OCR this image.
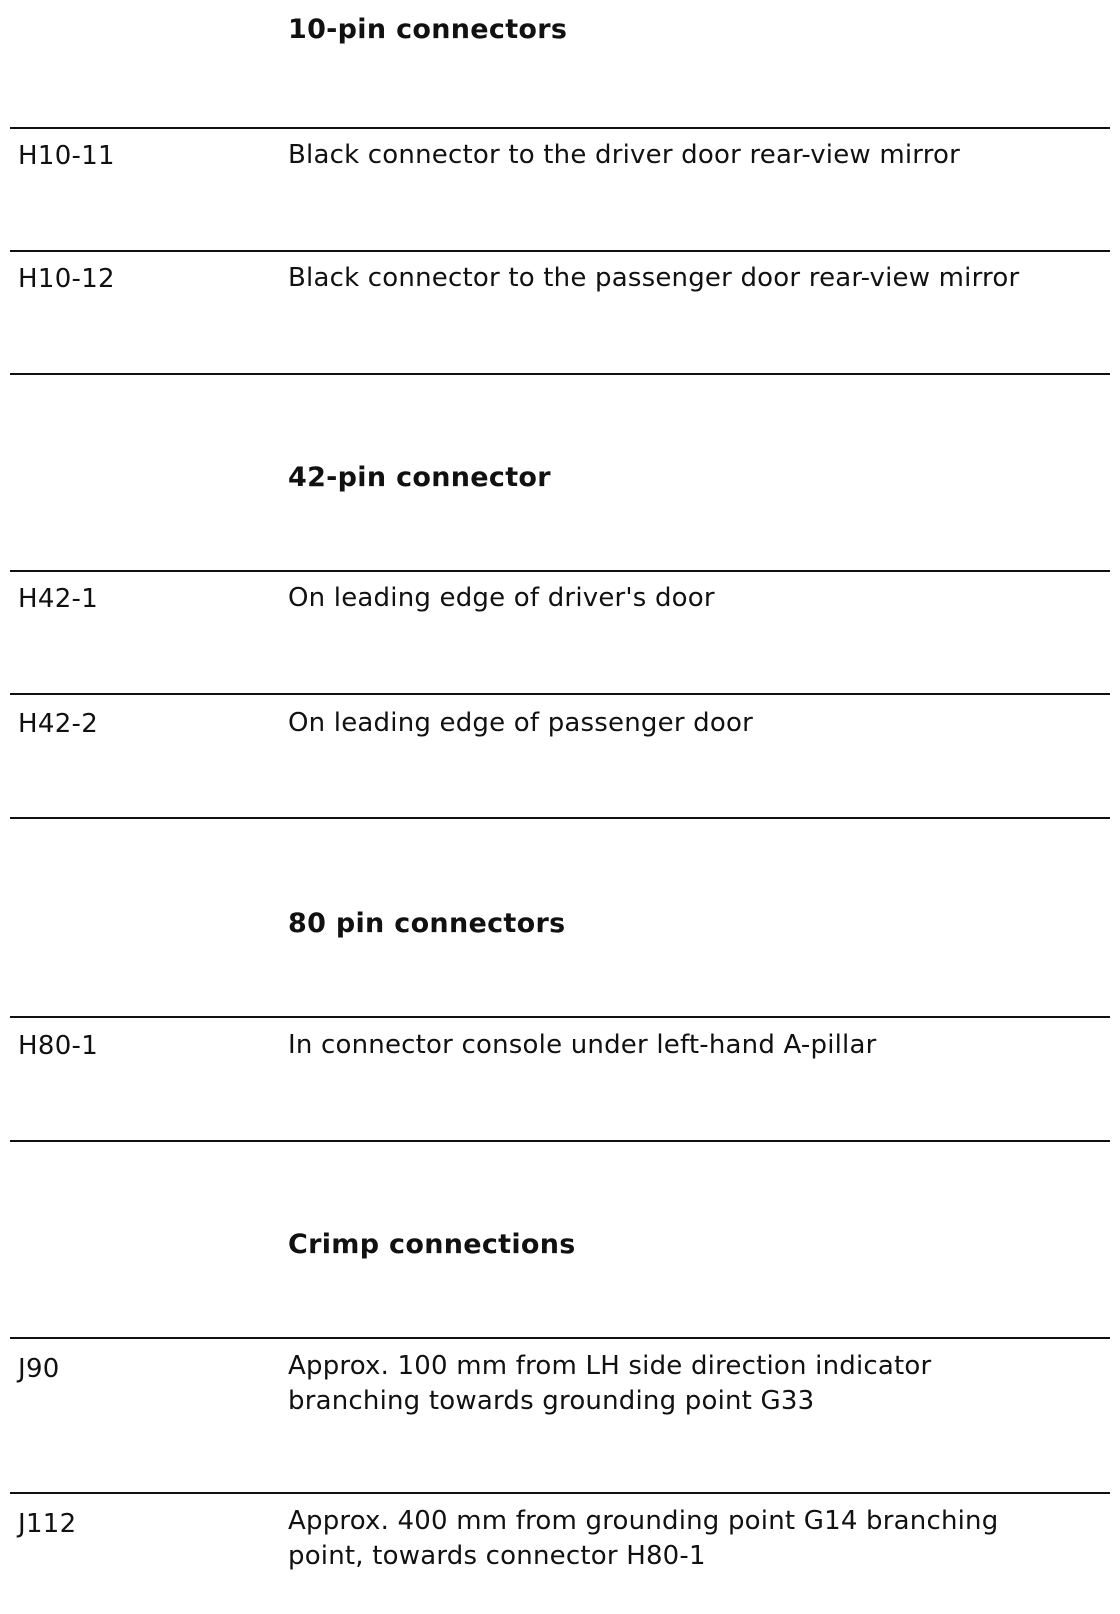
10-pin connectors
H10-11	Black connector to the driver door rear-view mirror
H10-12	Black connector to the passenger door rear-view mirror
42-pin connector
H42-1	On leading edge of driver's door
H42-2	On leading edge of passenger door
80 pin connectors
H80-1	In connector console under left-hand A-pillar
Crimp connections
J90	Approx. 100 mm from LH side direction indicator
branching towards grounding point G33
J112	Approx. 400 mm from grounding point G14 branching
point, towards connector H80-1
